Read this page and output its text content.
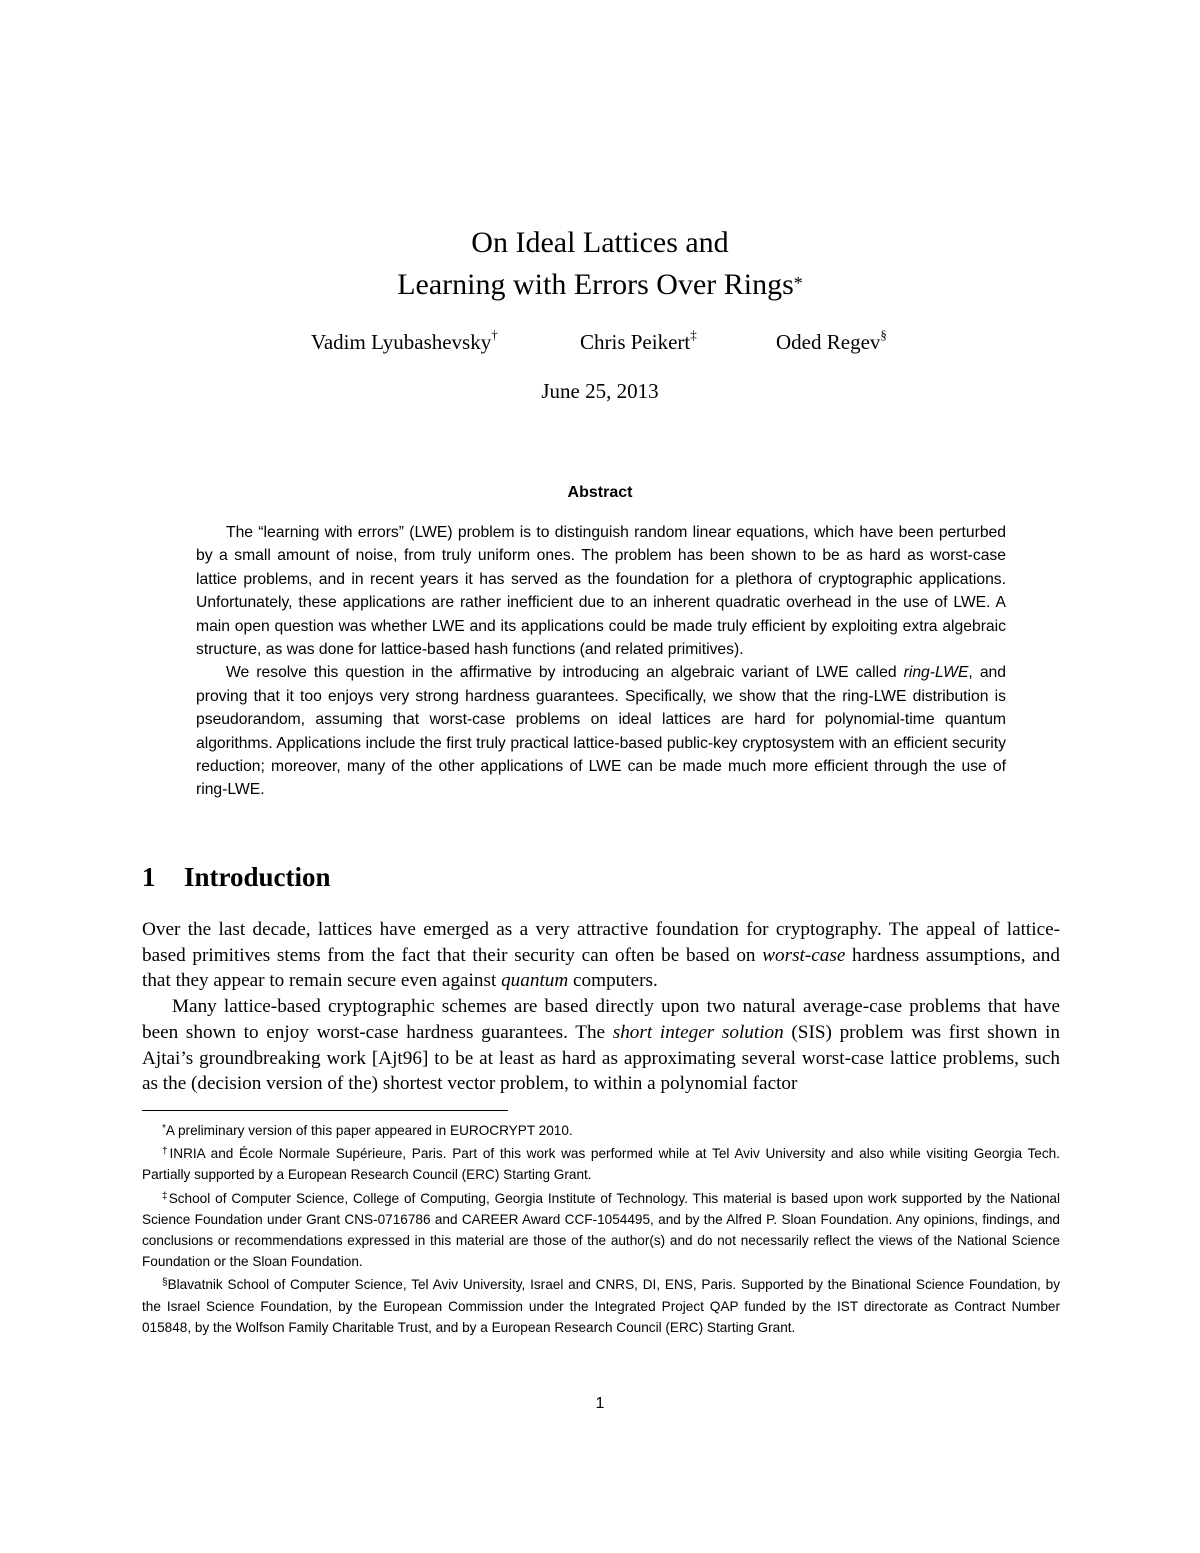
On Ideal Lattices and
Learning with Errors Over Rings*
Vadim Lyubashevsky†	Chris Peikert‡	Oded Regev§
June 25, 2013
Abstract

The “learning with errors” (LWE) problem is to distinguish random linear equations, which have been perturbed by a small amount of noise, from truly uniform ones. The problem has been shown to be as hard as worst-case lattice problems, and in recent years it has served as the foundation for a plethora of cryptographic applications. Unfortunately, these applications are rather inefficient due to an inherent quadratic overhead in the use of LWE. A main open question was whether LWE and its applications could be made truly efficient by exploiting extra algebraic structure, as was done for lattice-based hash functions (and related primitives).

We resolve this question in the affirmative by introducing an algebraic variant of LWE called ring-LWE, and proving that it too enjoys very strong hardness guarantees. Specifically, we show that the ring-LWE distribution is pseudorandom, assuming that worst-case problems on ideal lattices are hard for polynomial-time quantum algorithms. Applications include the first truly practical lattice-based public-key cryptosystem with an efficient security reduction; moreover, many of the other applications of LWE can be made much more efficient through the use of ring-LWE.

1 Introduction

Over the last decade, lattices have emerged as a very attractive foundation for cryptography. The appeal of lattice-based primitives stems from the fact that their security can often be based on worst-case hardness assumptions, and that they appear to remain secure even against quantum computers.

Many lattice-based cryptographic schemes are based directly upon two natural average-case problems that have been shown to enjoy worst-case hardness guarantees. The short integer solution (SIS) problem was first shown in Ajtai’s groundbreaking work [Ajt96] to be at least as hard as approximating several worst-case lattice problems, such as the (decision version of the) shortest vector problem, to within a polynomial factor

*A preliminary version of this paper appeared in EUROCRYPT 2010.

†INRIA and École Normale Supérieure, Paris. Part of this work was performed while at Tel Aviv University and also while visiting Georgia Tech. Partially supported by a European Research Council (ERC) Starting Grant.

‡School of Computer Science, College of Computing, Georgia Institute of Technology. This material is based upon work supported by the National Science Foundation under Grant CNS-0716786 and CAREER Award CCF-1054495, and by the Alfred P. Sloan Foundation. Any opinions, findings, and conclusions or recommendations expressed in this material are those of the author(s) and do not necessarily reflect the views of the National Science Foundation or the Sloan Foundation.

§Blavatnik School of Computer Science, Tel Aviv University, Israel and CNRS, DI, ENS, Paris. Supported by the Binational Science Foundation, by the Israel Science Foundation, by the European Commission under the Integrated Project QAP funded by the IST directorate as Contract Number 015848, by the Wolfson Family Charitable Trust, and by a European Research Council (ERC) Starting Grant.

1
